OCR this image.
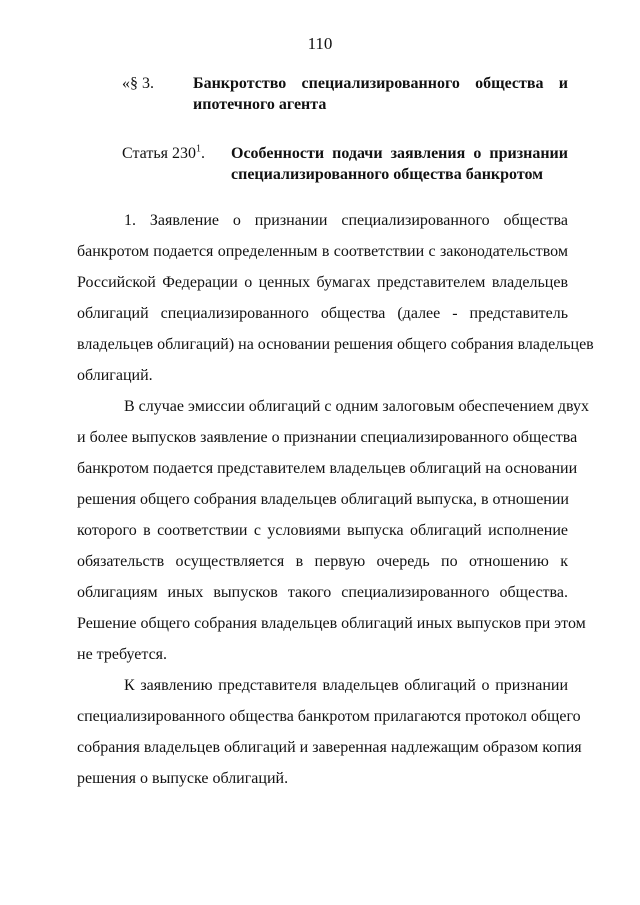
110
«§ 3. Банкротство специализированного общества и
ипотечного агента
Статья $230^1$. Особенности подачи заявления о признании
специализированного общества банкротом
1. Заявление о признании специализированного общества
банкротом подается определенным в соответствии с законодательством
Российской Федерации о ценных бумагах представителем владельцев
облигаций специализированного общества (далее - представитель
владельцев облигаций) на основании решения общего собрания владельцев
облигаций.
В случае эмиссии облигаций с одним залоговым обеспечением двух
и более выпусков заявление о признании специализированного общества
банкротом подается представителем владельцев облигаций на основании
решения общего собрания владельцев облигаций выпуска, в отношении
которого в соответствии с условиями выпуска облигаций исполнение
обязательств осуществляется в первую очередь по отношению к
облигациям иных выпусков такого специализированного общества.
Решение общего собрания владельцев облигаций иных выпусков при этом
не требуется.
К заявлению представителя владельцев облигаций о признании
специализированного общества банкротом прилагаются протокол общего
собрания владельцев облигаций и заверенная надлежащим образом копия
решения о выпуске облигаций.
